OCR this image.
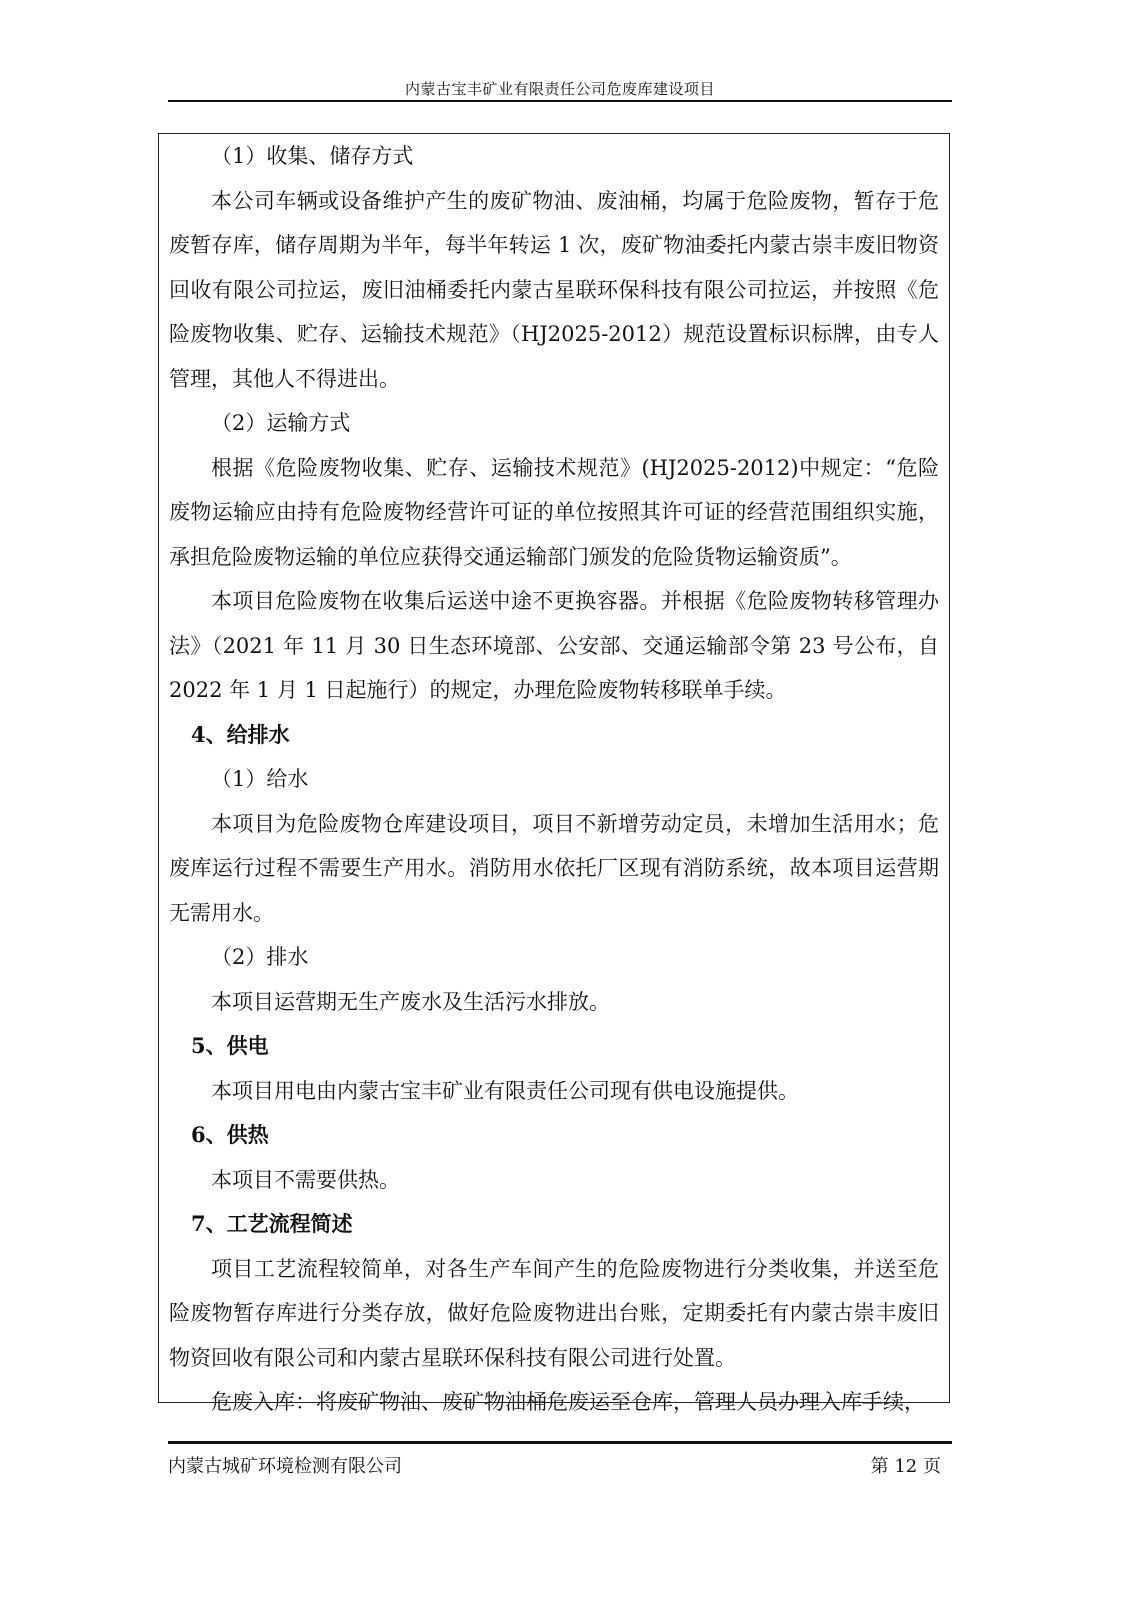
内蒙古宝丰矿业有限责任公司危废库建设项目

（1）收集、储存方式

本公司车辆或设备维护产生的废矿物油、废油桶，均属于危险废物，暂存于危废暂存库，储存周期为半年，每半年转运 1 次，废矿物油委托内蒙古崇丰废旧物资回收有限公司拉运，废旧油桶委托内蒙古星联环保科技有限公司拉运，并按照《危险废物收集、贮存、运输技术规范》（HJ2025-2012）规范设置标识标牌，由专人管理，其他人不得进出。

（2）运输方式

根据《危险废物收集、贮存、运输技术规范》(HJ2025-2012)中规定：“危险废物运输应由持有危险废物经营许可证的单位按照其许可证的经营范围组织实施，承担危险废物运输的单位应获得交通运输部门颁发的危险货物运输资质”。

本项目危险废物在收集后运送中途不更换容器。并根据《危险废物转移管理办法》（2021 年 11 月 30 日生态环境部、公安部、交通运输部令第 23 号公布，自 2022 年 1 月 1 日起施行）的规定，办理危险废物转移联单手续。

4、给排水

（1）给水

本项目为危险废物仓库建设项目，项目不新增劳动定员，未增加生活用水；危废库运行过程不需要生产用水。消防用水依托厂区现有消防系统，故本项目运营期无需用水。

（2）排水

本项目运营期无生产废水及生活污水排放。

5、供电

本项目用电由内蒙古宝丰矿业有限责任公司现有供电设施提供。

6、供热

本项目不需要供热。

7、工艺流程简述

项目工艺流程较简单，对各生产车间产生的危险废物进行分类收集，并送至危险废物暂存库进行分类存放，做好危险废物进出台账，定期委托有内蒙古崇丰废旧物资回收有限公司和内蒙古星联环保科技有限公司进行处置。

危废入库：将废矿物油、废矿物油桶危废运至仓库，管理人员办理入库手续，

内蒙古城矿环境检测有限公司	第 12 页
